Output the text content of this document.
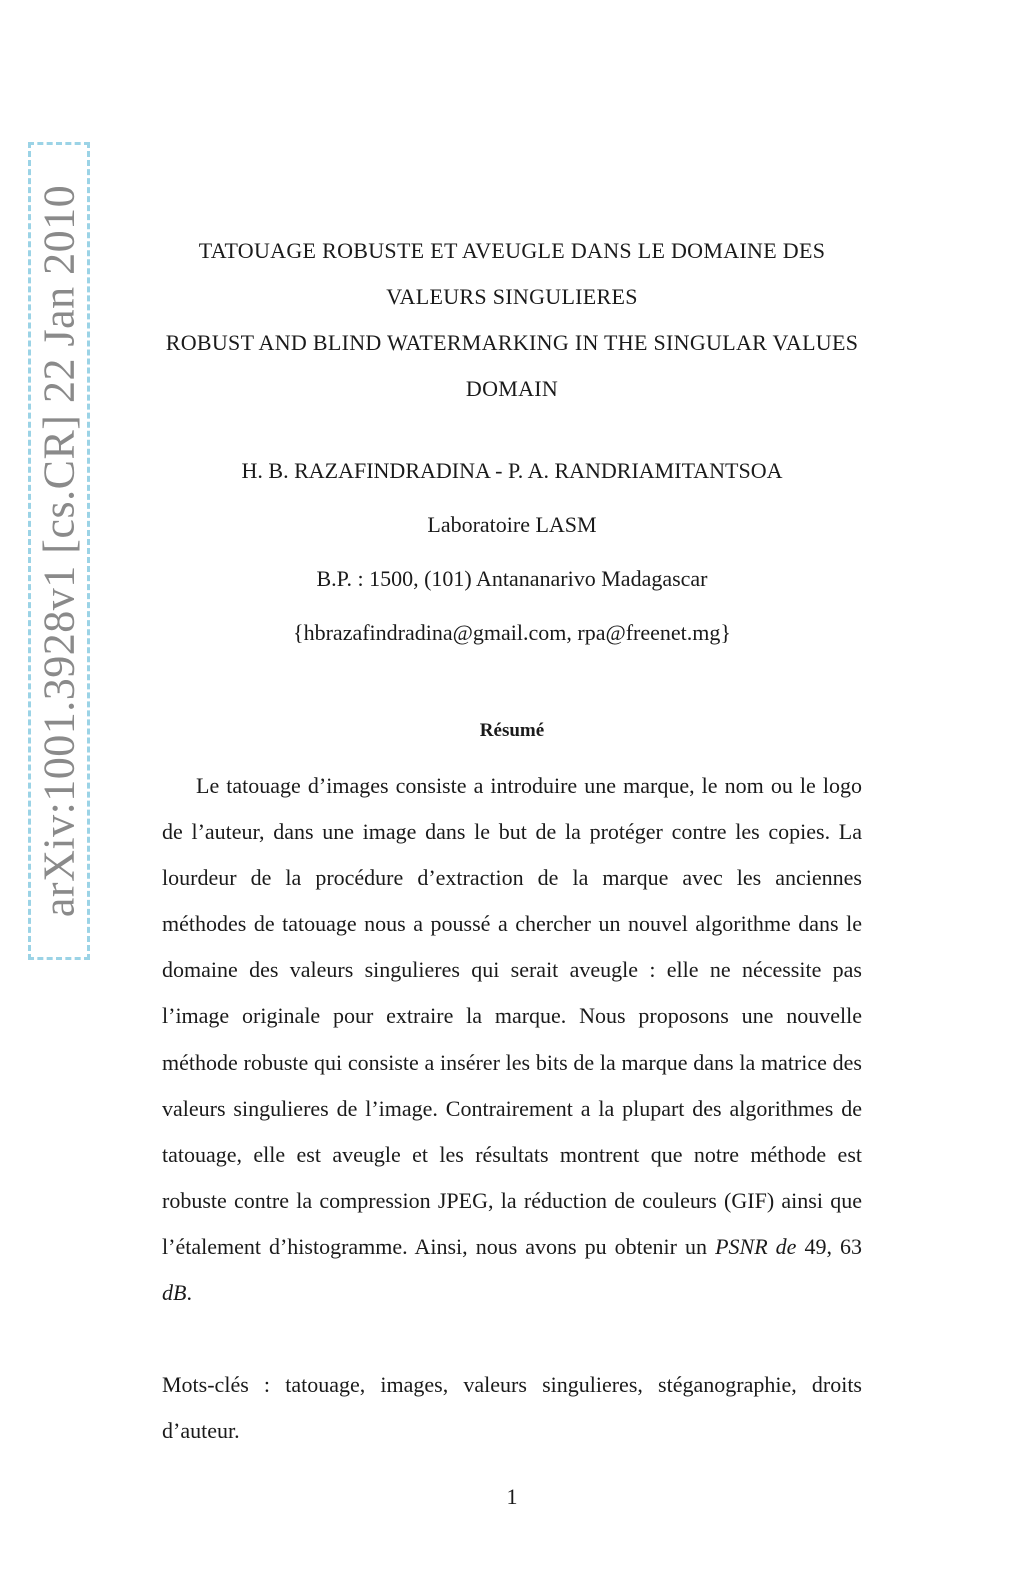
arXiv:1001.3928v1 [cs.CR] 22 Jan 2010	TATOUAGE ROBUSTE ET AVEUGLE DANS LE DOMAINE DES
VALEURS SINGULIERES
ROBUST AND BLIND WATERMARKING IN THE SINGULAR VALUES
DOMAIN
H. B. RAZAFINDRADINA - P. A. RANDRIAMITANTSOA
Laboratoire LASM
B.P. : 1500, (101) Antananarivo Madagascar
{hbrazafindradina@gmail.com, rpa@freenet.mg}
Résumé

Le tatouage d’images consiste a introduire une marque, le nom ou le logo de l’auteur, dans une image dans le but de la protéger contre les copies. La lourdeur de la procédure d’extraction de la marque avec les anciennes méthodes de tatouage nous a poussé a chercher un nouvel algorithme dans le domaine des valeurs singulieres qui serait aveugle : elle ne nécessite pas l’image originale pour extraire la marque. Nous proposons une nouvelle méthode robuste qui consiste a insérer les bits de la marque dans la matrice des valeurs singulieres de l’image. Contrairement a la plupart des algorithmes de tatouage, elle est aveugle et les résultats montrent que notre méthode est robuste contre la compression JPEG, la réduction de couleurs (GIF) ainsi que l’étalement d’histogramme. Ainsi, nous avons pu obtenir un PSNR de 49, 63 dB.

Mots-clés : tatouage, images, valeurs singulieres, stéganographie, droits d’auteur.

1
